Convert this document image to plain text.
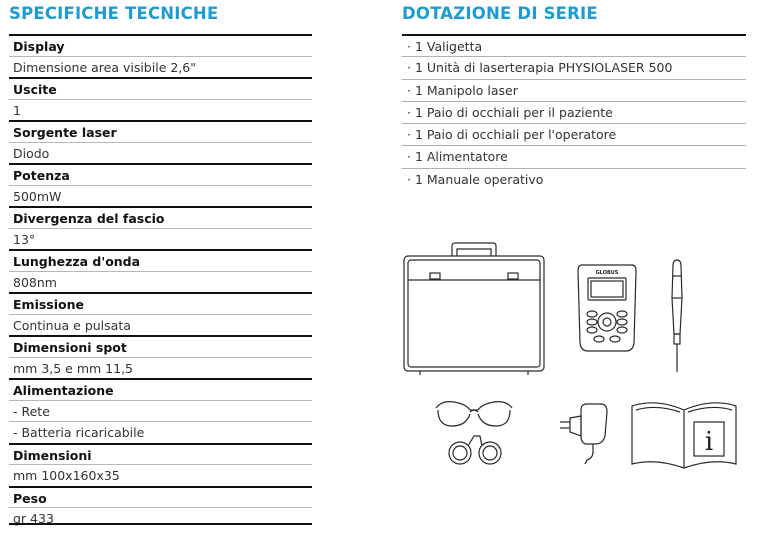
SPECIFICHE TECNICHE	DOTAZIONE DI SERIE
Display
Dimensione area visibile 2,6"
Uscite
1
Sorgente laser
Diodo
Potenza
500mW
Divergenza del fascio
13°
Lunghezza d'onda
808nm
Emissione
Continua e pulsata
Dimensioni spot
mm 3,5 e mm 11,5
Alimentazione
- Rete
- Batteria ricaricabile
Dimensioni
mm 100x160x35
Peso
gr 433
· 1 Valigetta
· 1 Unità di laserterapia PHYSIOLASER 500
· 1 Manipolo laser
· 1 Paio di occhiali per il paziente
· 1 Paio di occhiali per l'operatore
· 1 Alimentatore
· 1 Manuale operativo
GLOBUS
i
